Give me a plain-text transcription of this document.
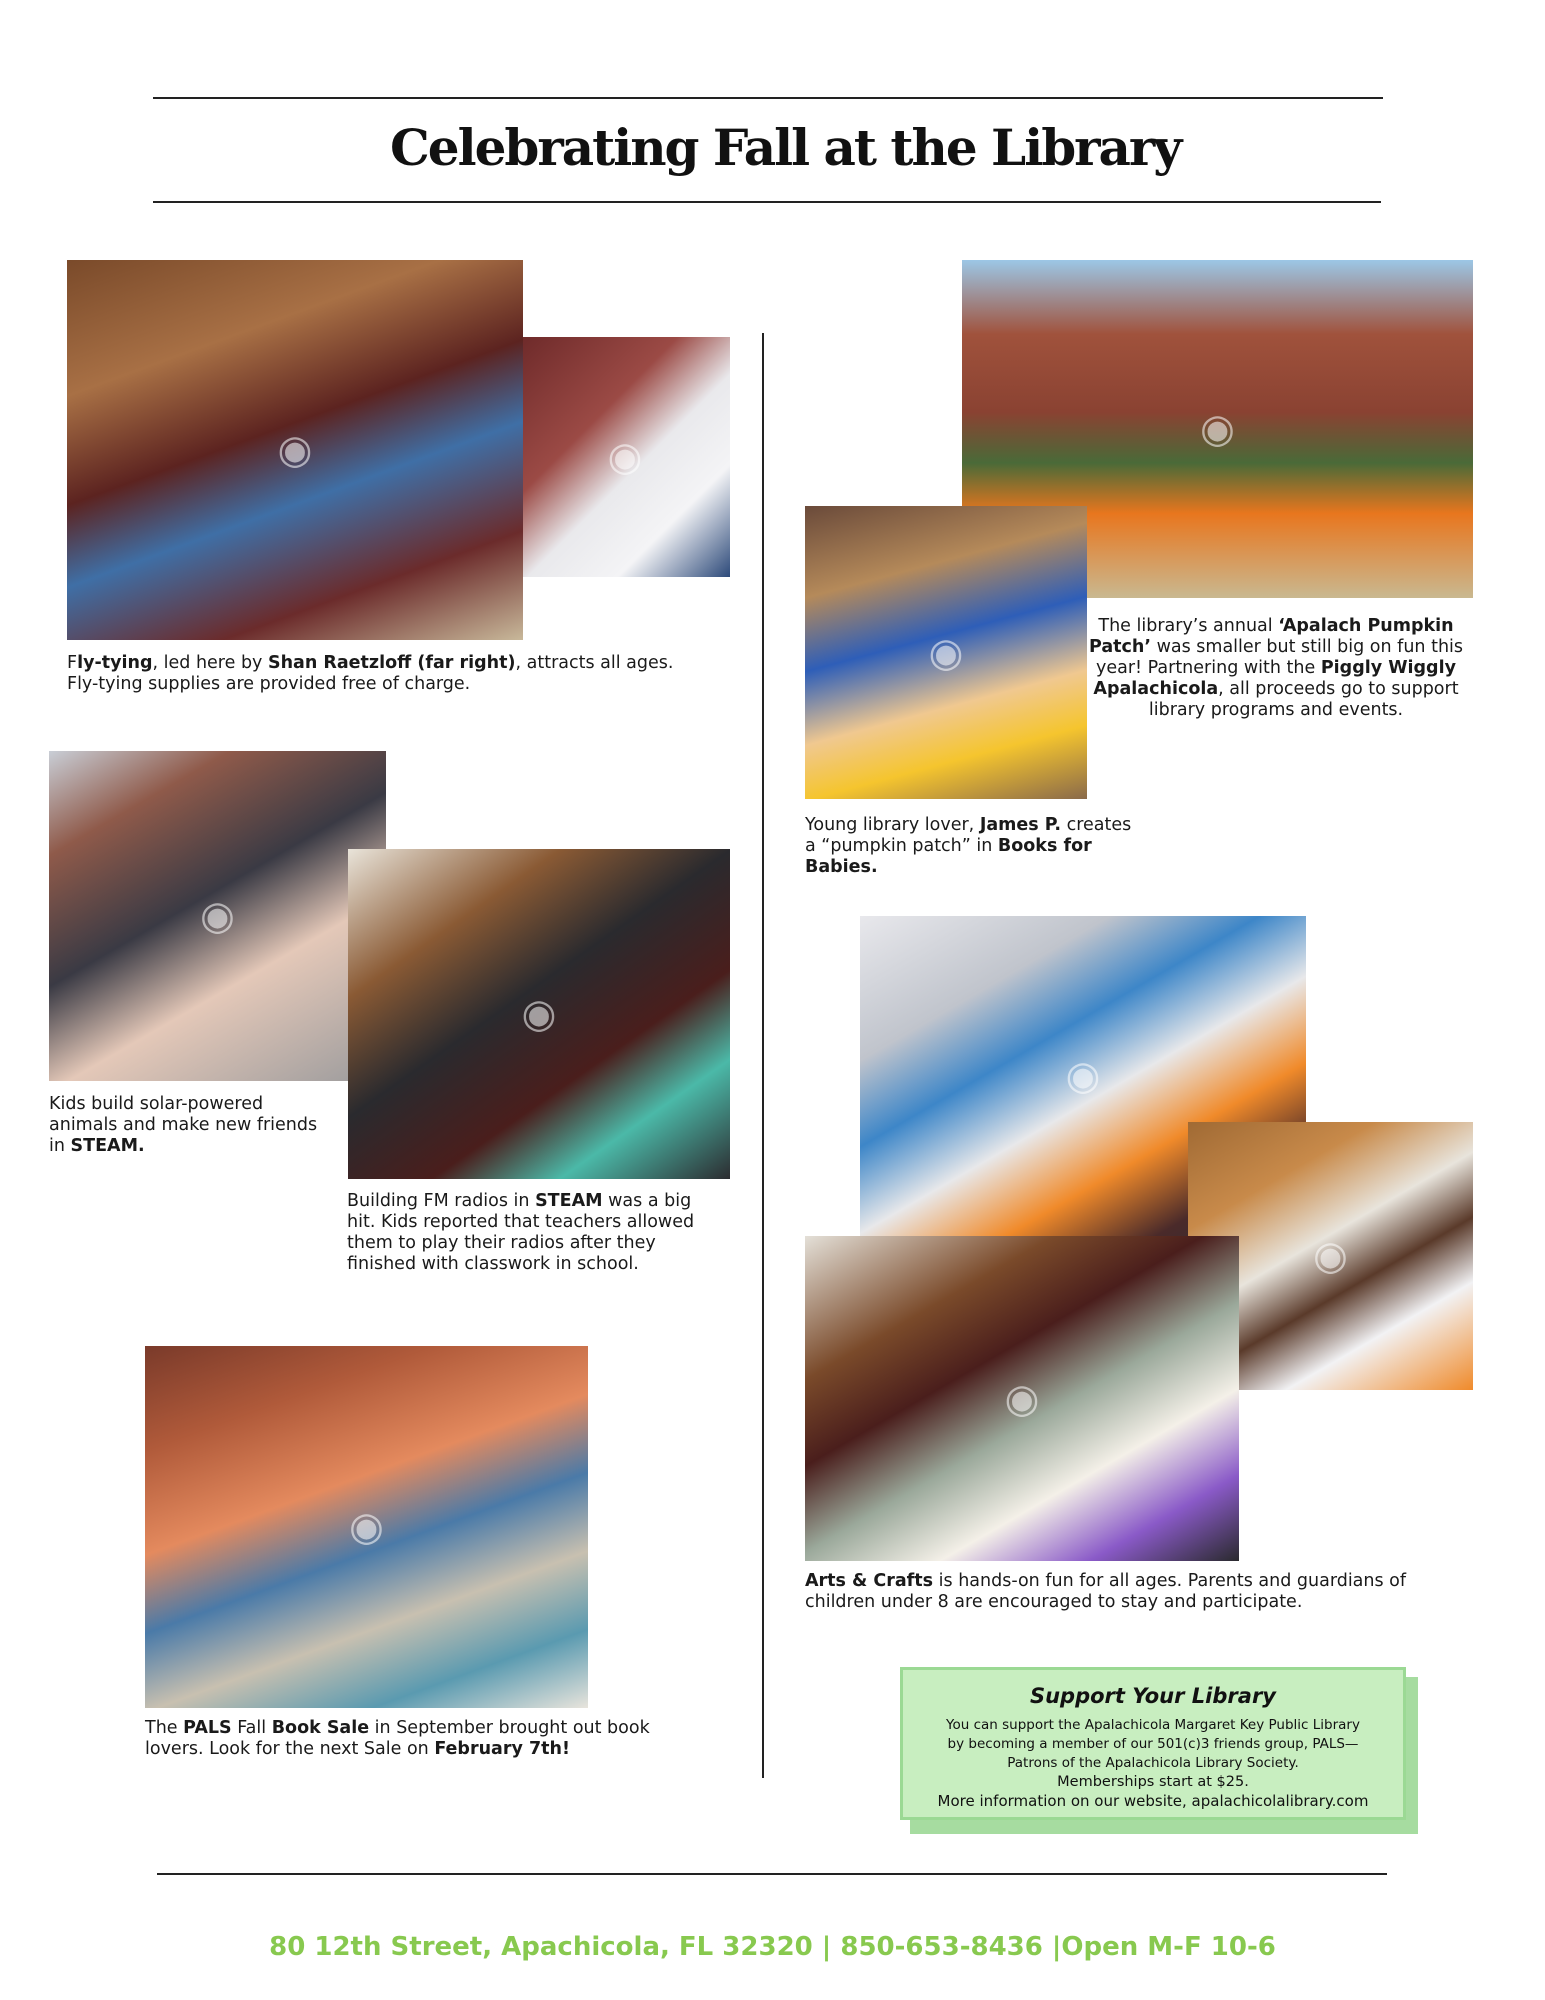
Celebrating Fall at the Library
◉
◉
◉
◉
◉
◉
◉
◉
◉
◉
Fly-tying, led here by Shan Raetzloff (far right), attracts all ages.
Fly-tying supplies are provided free of charge.
Kids build solar-powered
animals and make new friends
in STEAM.
Building FM radios in STEAM was a big
hit. Kids reported that teachers allowed
them to play their radios after they
finished with classwork in school.
The PALS Fall Book Sale in September brought out book
lovers. Look for the next Sale on February 7th!
The library’s annual ‘Apalach Pumpkin
Patch’ was smaller but still big on fun this
year! Partnering with the Piggly Wiggly
Apalachicola, all proceeds go to support
library programs and events.
Young library lover, James P. creates
a “pumpkin patch” in Books for
Babies.
Arts & Crafts is hands-on fun for all ages. Parents and guardians of
children under 8 are encouraged to stay and participate.
Support Your Library
You can support the Apalachicola Margaret Key Public Library
by becoming a member of our 501(c)3 friends group, PALS—
Patrons of the Apalachicola Library Society.
Memberships start at $25.
More information on our website, apalachicolalibrary.com
80 12th Street, Apachicola, FL 32320 | 850-653-8436 |Open M-F 10-6
